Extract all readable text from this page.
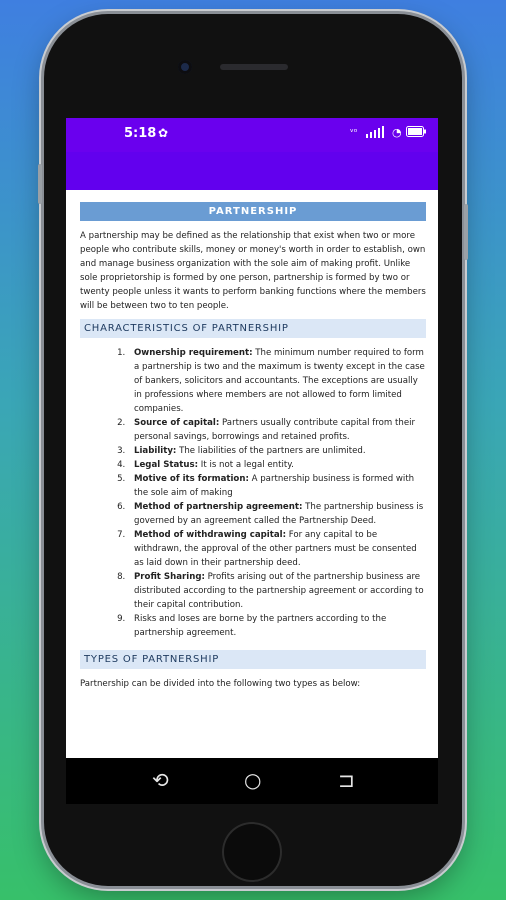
5:18 ✿	ᵛᵒ	◔
PARTNERSHIP

A partnership may be defined as the relationship that exist when two or more people who contribute skills, money or money's worth in order to establish, own and manage business organization with the sole aim of making profit. Unlike sole proprietorship is formed by one person, partnership is formed by two or twenty people unless it wants to perform banking functions where the members will be between two to ten people.

CHARACTERISTICS OF PARTNERSHIP
1. Ownership requirement: The minimum number required to form a partnership is two and the maximum is twenty except in the case of bankers, solicitors and accountants. The exceptions are usually in professions where members are not allowed to form limited companies.
2. Source of capital: Partners usually contribute capital from their personal savings, borrowings and retained profits.
3. Liability: The liabilities of the partners are unlimited.
4. Legal Status: It is not a legal entity.
5. Motive of its formation: A partnership business is formed with the sole aim of making
6. Method of partnership agreement: The partnership business is governed by an agreement called the Partnership Deed.
7. Method of withdrawing capital: For any capital to be withdrawn, the approval of the other partners must be consented as laid down in their partnership deed.
8. Profit Sharing: Profits arising out of the partnership business are distributed according to the partnership agreement or according to their capital contribution.
9. Risks and loses are borne by the partners according to the partnership agreement.
TYPES OF PARTNERSHIP

Partnership can be divided into the following two types as below:

⟲	○	⊐
